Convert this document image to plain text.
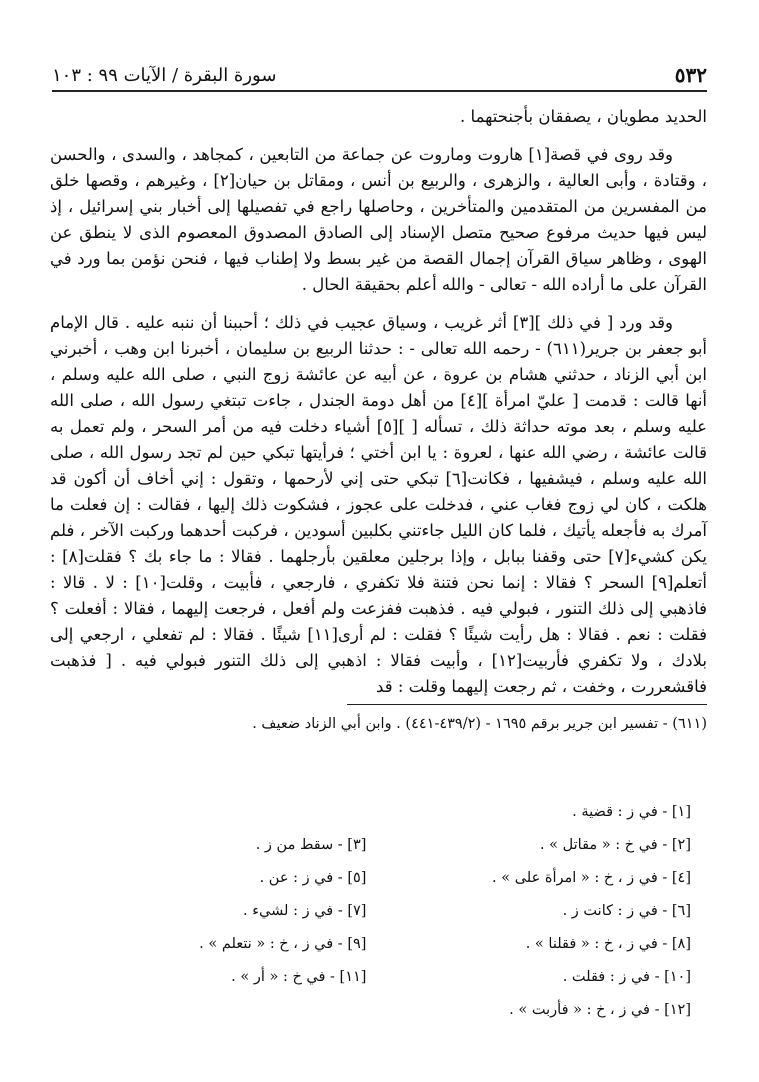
٥٣٢
سورة البقرة / الآيات ٩٩ : ١٠٣

الحديد مطويان ، يصفقان بأجنحتهما .

وقد روى في قصة[١] هاروت وماروت عن جماعة من التابعين ، كمجاهد ، والسدى ، والحسن ، وقتادة ، وأبى العالية ، والزهرى ، والربيع بن أنس ، ومقاتل بن حيان[٢] ، وغيرهم ، وقصها خلق من المفسرين من المتقدمين والمتأخرين ، وحاصلها راجع في تفصيلها إلى أخبار بني إسرائيل ، إذ ليس فيها حديث مرفوع صحيح متصل الإسناد إلى الصادق المصدوق المعصوم الذى لا ينطق عن الهوى ، وظاهر سياق القرآن إجمال القصة من غير بسط ولا إطناب فيها ، فنحن نؤمن بما ورد في القرآن على ما أراده الله - تعالى - والله أعلم بحقيقة الحال .

وقد ورد [ في ذلك ][٣] أثر غريب ، وسياق عجيب في ذلك ؛ أحببنا أن ننبه عليه . قال الإمام أبو جعفر بن جرير(٦١١) - رحمه الله تعالى - : حدثنا الربيع بن سليمان ، أخبرنا ابن وهب ، أخبرني ابن أبي الزناد ، حدثني هشام بن عروة ، عن أبيه عن عائشة زوج النبي ، صلى الله عليه وسلم ، أنها قالت : قدمت [ عليّ امرأة ][٤] من أهل دومة الجندل ، جاءت تبتغي رسول الله ، صلى الله عليه وسلم ، بعد موته حداثة ذلك ، تسأله [ ][٥] أشياء دخلت فيه من أمر السحر ، ولم تعمل به قالت عائشة ، رضي الله عنها ، لعروة : يا ابن أختي ؛ فرأيتها تبكي حين لم تجد رسول الله ، صلى الله عليه وسلم ، فيشفيها ، فكانت[٦] تبكي حتى إني لأرحمها ، وتقول : إني أخاف أن أكون قد هلكت ، كان لي زوج فغاب عني ، فدخلت على عجوز ، فشكوت ذلك إليها ، فقالت : إن فعلت ما آمرك به فأجعله يأتيك ، فلما كان الليل جاءتني بكلبين أسودين ، فركبت أحدهما وركبت الآخر ، فلم يكن كشيء[٧] حتى وقفنا ببابل ، وإذا برجلين معلقين بأرجلهما . فقالا : ما جاء بك ؟ فقلت[٨] : أتعلم[٩] السحر ؟ فقالا : إنما نحن فتنة فلا تكفري ، فارجعي ، فأبيت ، وقلت[١٠] : لا . قالا : فاذهبي إلى ذلك التنور ، فبولي فيه . فذهبت ففزعت ولم أفعل ، فرجعت إليهما ، فقالا : أفعلت ؟ فقلت : نعم . فقالا : هل رأيت شيئًا ؟ فقلت : لم أرى[١١] شيئًا . فقالا : لم تفعلي ، ارجعي إلى بلادك ، ولا تكفري فأربيت[١٢] ، وأبيت فقالا : اذهبي إلى ذلك التنور فبولي فيه . [ فذهبت فاقشعررت ، وخفت ، ثم رجعت إليهما وقلت : قد

(٦١١) - تفسير ابن جرير برقم ١٦٩٥ - (٤٣٩/٢-٤٤١) . وابن أبي الزناد ضعيف .
[١] - في ز : قضية .
[٢] - في خ : « مقاتل » .
[٤] - في ز ، خ : « امرأة على » .
[٦] - في ز : كانت ز .
[٨] - في ز ، خ : « فقلنا » .
[١٠] - في ز : فقلت .
[١٢] - في ز ، خ : « فأربت » .
[٣] - سقط من ز .
[٥] - في ز : عن .
[٧] - في ز : لشيء .
[٩] - في ز ، خ : « نتعلم » .
[١١] - في خ : « أر » .
